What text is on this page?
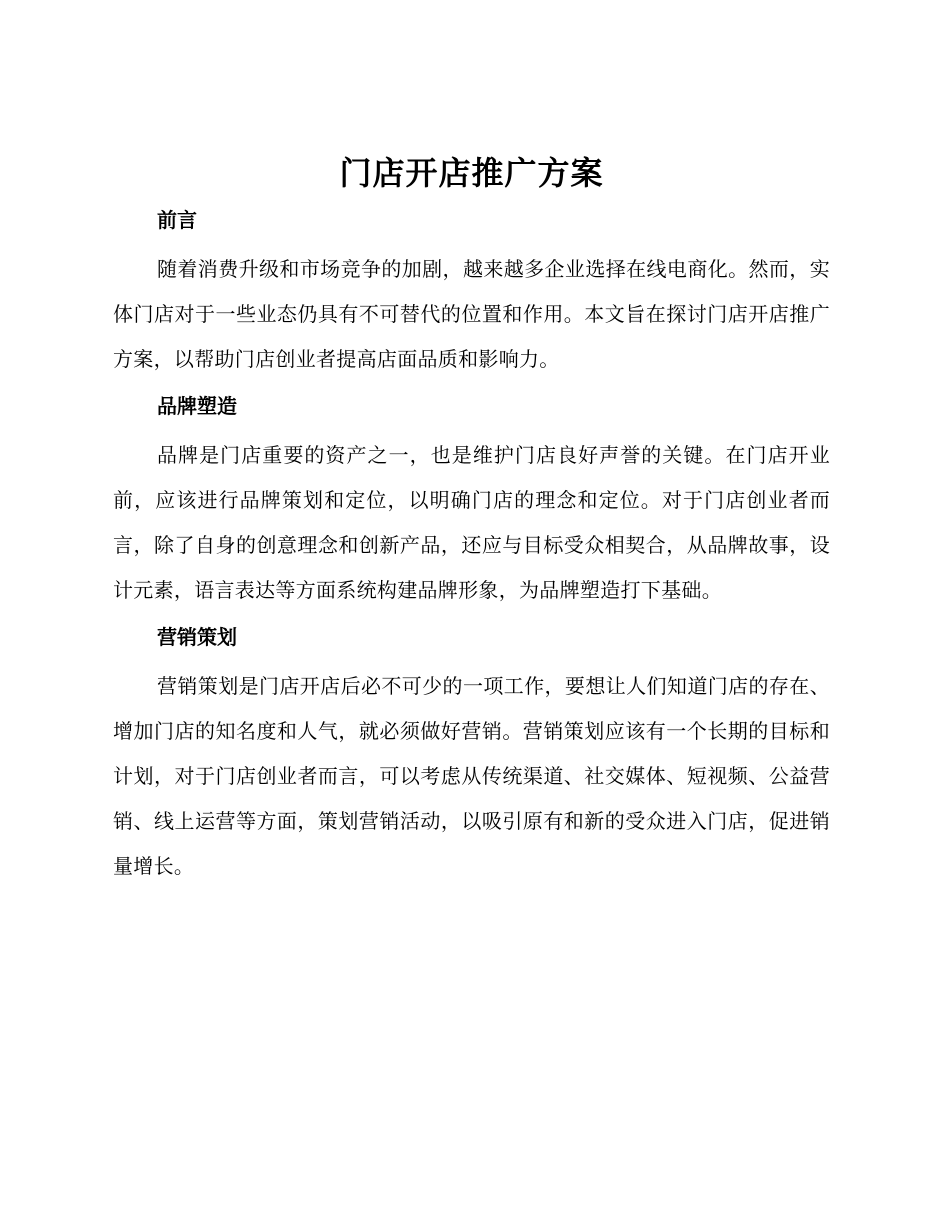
门店开店推广方案
前言

随着消费升级和市场竞争的加剧，越来越多企业选择在线电商化。然而，实体门店对于一些业态仍具有不可替代的位置和作用。本文旨在探讨门店开店推广方案，以帮助门店创业者提高店面品质和影响力。

品牌塑造

品牌是门店重要的资产之一，也是维护门店良好声誉的关键。在门店开业前，应该进行品牌策划和定位，以明确门店的理念和定位。对于门店创业者而言，除了自身的创意理念和创新产品，还应与目标受众相契合，从品牌故事，设计元素，语言表达等方面系统构建品牌形象，为品牌塑造打下基础。

营销策划

营销策划是门店开店后必不可少的一项工作，要想让人们知道门店的存在、增加门店的知名度和人气，就必须做好营销。营销策划应该有一个长期的目标和计划，对于门店创业者而言，可以考虑从传统渠道、社交媒体、短视频、公益营销、线上运营等方面，策划营销活动，以吸引原有和新的受众进入门店，促进销量增长。
